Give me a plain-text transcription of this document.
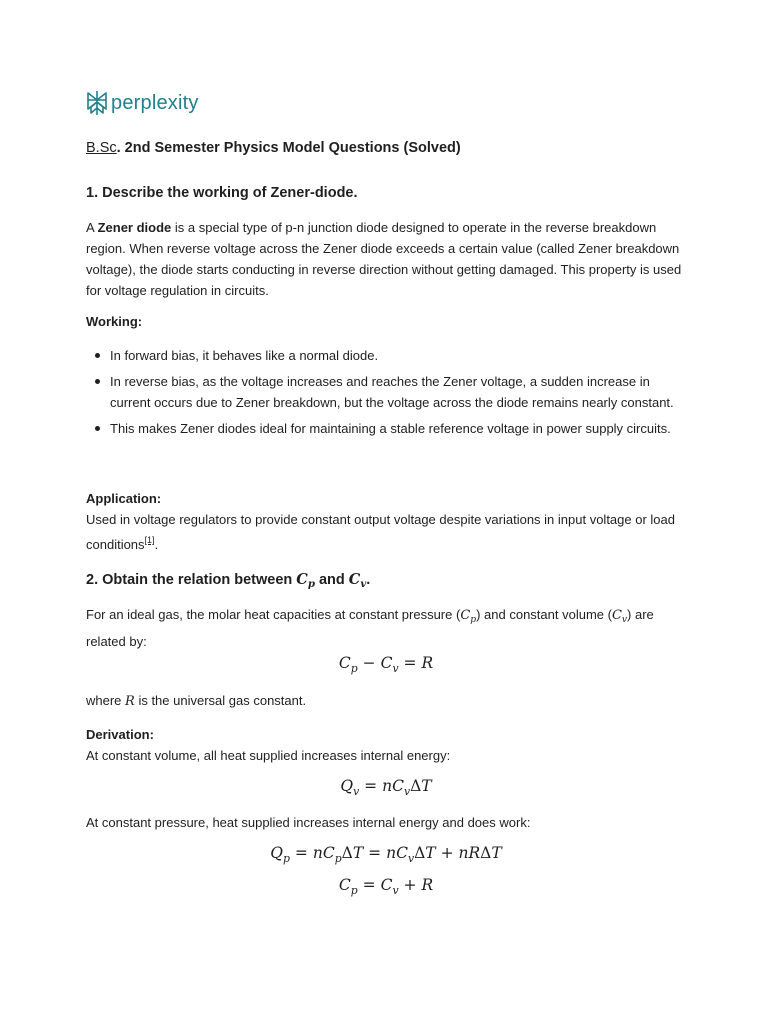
perplexity
B.Sc. 2nd Semester Physics Model Questions (Solved)
1. Describe the working of Zener-diode.

A Zener diode is a special type of p-n junction diode designed to operate in the reverse breakdown region. When reverse voltage across the Zener diode exceeds a certain value (called Zener breakdown voltage), the diode starts conducting in reverse direction without getting damaged. This property is used for voltage regulation in circuits.

Working:

In forward bias, it behaves like a normal diode.
In reverse bias, as the voltage increases and reaches the Zener voltage, a sudden increase in current occurs due to Zener breakdown, but the voltage across the diode remains nearly constant.
This makes Zener diodes ideal for maintaining a stable reference voltage in power supply circuits.

Application:

Used in voltage regulators to provide constant output voltage despite variations in input voltage or load conditions[1].

2. Obtain the relation between $C_p$ and $C_v$.

For an ideal gas, the molar heat capacities at constant pressure $(C_p)$ and constant volume $(C_v)$ are related by:

$C_p - C_v = R$

where R is the universal gas constant.

Derivation:

At constant volume, all heat supplied increases internal energy:

$Q_v = nC_v\Delta T$

At constant pressure, heat supplied increases internal energy and does work:

$Q_p = nC_p\Delta T = nC_v\Delta T + nR\Delta T$
$C_p = C_v + R$
